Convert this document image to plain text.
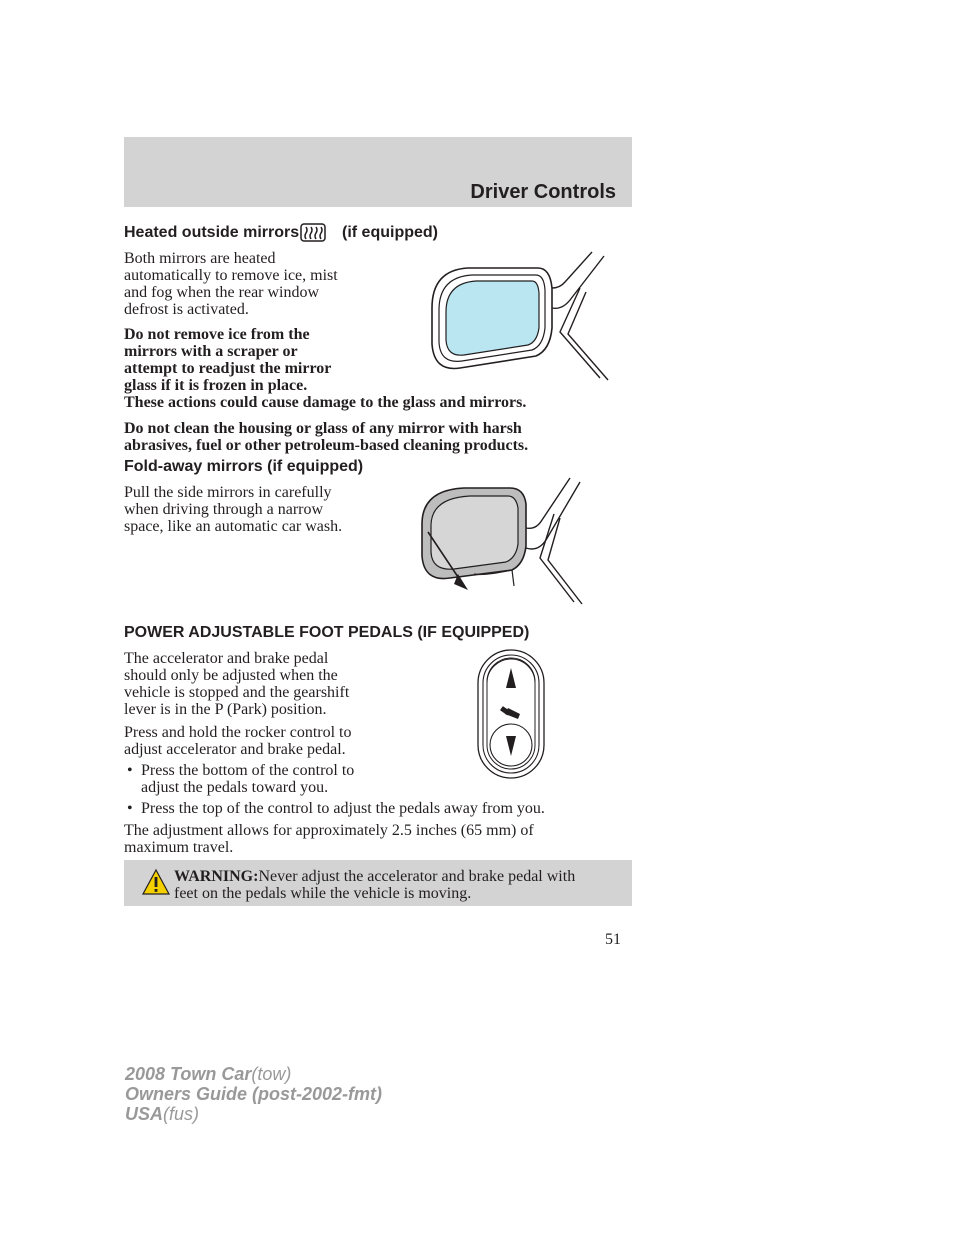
Driver Controls
Heated outside mirrors	(if equipped)
Both mirrors are heated
automatically to remove ice, mist
and fog when the rear window
defrost is activated.
Do not remove ice from the
mirrors with a scraper or
attempt to readjust the mirror
glass if it is frozen in place.
These actions could cause damage to the glass and mirrors.
Do not clean the housing or glass of any mirror with harsh
abrasives, fuel or other petroleum-based cleaning products.
Fold-away mirrors (if equipped)
Pull the side mirrors in carefully
when driving through a narrow
space, like an automatic car wash.
POWER ADJUSTABLE FOOT PEDALS (IF EQUIPPED)
The accelerator and brake pedal
should only be adjusted when the
vehicle is stopped and the gearshift
lever is in the P (Park) position.
Press and hold the rocker control to
adjust accelerator and brake pedal.
• Press the bottom of the control to
adjust the pedals toward you.
• Press the top of the control to adjust the pedals away from you.
The adjustment allows for approximately 2.5 inches (65 mm) of
maximum travel.
WARNING:Never adjust the accelerator and brake pedal with
feet on the pedals while the vehicle is moving.
51
2008 Town Car(tow)
Owners Guide (post-2002-fmt)
USA(fus)
